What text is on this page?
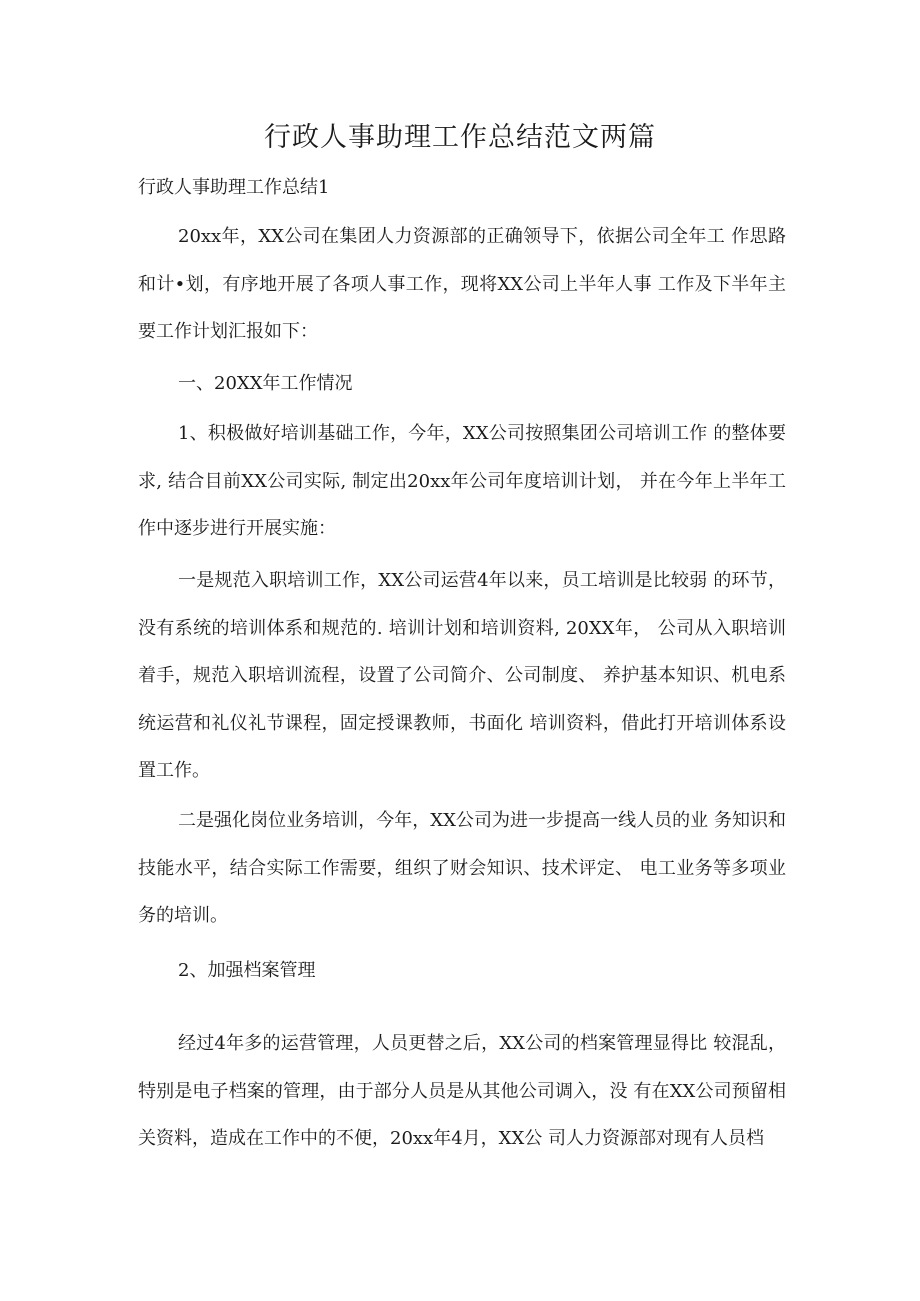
行政人事助理工作总结范文两篇
行政人事助理工作总结1

20xx年，XX公司在集团人力资源部的正确领导下，依据公司全年工 作思路和计•划，有序地开展了各项人事工作，现将XX公司上半年人事 工作及下半年主要工作计划汇报如下：

一、20XX年工作情况

1、积极做好培训基础工作，今年，XX公司按照集团公司培训工作 的整体要求, 结合目前XX公司实际, 制定出20xx年公司年度培训计划， 并在今年上半年工作中逐步进行开展实施：

一是规范入职培训工作，XX公司运营4年以来，员工培训是比较弱 的环节，没有系统的培训体系和规范的. 培训计划和培训资料, 20XX年， 公司从入职培训着手，规范入职培训流程，设置了公司简介、公司制度、 养护基本知识、机电系统运营和礼仪礼节课程，固定授课教师，书面化 培训资料，借此打开培训体系设置工作。

二是强化岗位业务培训，今年，XX公司为进一步提高一线人员的业 务知识和技能水平，结合实际工作需要，组织了财会知识、技术评定、 电工业务等多项业务的培训。

2、加强档案管理

经过4年多的运营管理，人员更替之后，XX公司的档案管理显得比 较混乱，特别是电子档案的管理，由于部分人员是从其他公司调入，没 有在XX公司预留相关资料，造成在工作中的不便，20xx年4月，XX公 司人力资源部对现有人员档
